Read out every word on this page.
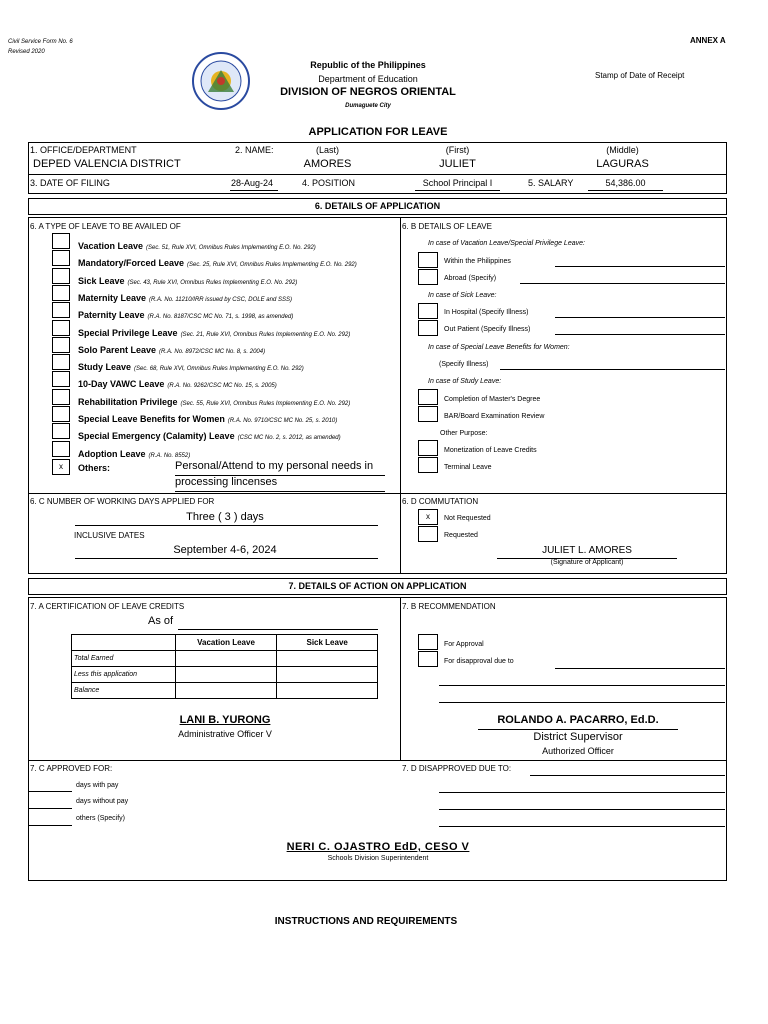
Civil Service Form No. 6
Revised 2020
ANNEX A
Republic of the Philippines
Department of Education
DIVISION OF NEGROS ORIENTAL
Dumaguete City
Stamp of Date of Receipt
APPLICATION FOR LEAVE
1. OFFICE/DEPARTMENT
DEPED VALENCIA DISTRICT
2. NAME:	(Last)	(First)	(Middle)
AMORES	JULIET	LAGURAS
3. DATE OF FILING	28-Aug-24	4. POSITION	School Principal I	5. SALARY	54,386.00
6. DETAILS OF APPLICATION
6. A TYPE OF LEAVE TO BE AVAILED OF
Vacation Leave (Sec. 51, Rule XVI, Omnibus Rules Implementing E.O. No. 292)
Mandatory/Forced Leave (Sec. 25, Rule XVI, Omnibus Rules Implementing E.O. No. 292)
Sick Leave (Sec. 43, Rule XVI, Omnibus Rules Implementing E.O. No. 292)
Maternity Leave (R.A. No. 11210/IRR issued by CSC, DOLE and SSS)
Paternity Leave (R.A. No. 8187/CSC MC No. 71, s. 1998, as amended)
Special Privilege Leave (Sec. 21, Rule XVI, Omnibus Rules Implementing E.O. No. 292)
Solo Parent Leave (R.A. No. 8972/CSC MC No. 8, s. 2004)
Study Leave (Sec. 68, Rule XVI, Omnibus Rules Implementing E.O. No. 292)
10-Day VAWC Leave (R.A. No. 9262/CSC MC No. 15, s. 2005)
Rehabilitation Privilege (Sec. 55, Rule XVI, Omnibus Rules Implementing E.O. No. 292)
Special Leave Benefits for Women (R.A. No. 9710/CSC MC No. 25, s. 2010)
Special Emergency (Calamity) Leave (CSC MC No. 2, s. 2012, as amended)
Adoption Leave (R.A. No. 8552)
x	Others:	Personal/Attend to my personal needs in
processing lincenses
6. B DETAILS OF LEAVE
In case of Vacation Leave/Special Privilege Leave:
Within the Philippines
Abroad (Specify)
In case of Sick Leave:
In Hospital (Specify Illness)
Out Patient (Specify Illness)
In case of Special Leave Benefits for Women:
(Specify Illness)
In case of Study Leave:
Completion of Master's Degree
BAR/Board Examination Review
Other Purpose:
Monetization of Leave Credits
Terminal Leave
6. C NUMBER OF WORKING DAYS APPLIED FOR
Three ( 3 ) days
INCLUSIVE DATES
September 4-6, 2024
6. D COMMUTATION
x	Not Requested
Requested
JULIET L. AMORES
(Signature of Applicant)
7. DETAILS OF ACTION ON APPLICATION
7. A CERTIFICATION OF LEAVE CREDITS
As of
	Vacation Leave	Sick Leave
Total Earned		
Less this application		
Balance		
LANI B. YURONG
Administrative Officer V
7. B RECOMMENDATION
For Approval
For disapproval due to
ROLANDO A. PACARRO, Ed.D.
District Supervisor
Authorized Officer
7. C APPROVED FOR:
days with pay
days without pay
others (Specify)
7. D DISAPPROVED DUE TO:
NERI C. OJASTRO EdD, CESO V
Schools Division Superintendent
INSTRUCTIONS AND REQUIREMENTS
